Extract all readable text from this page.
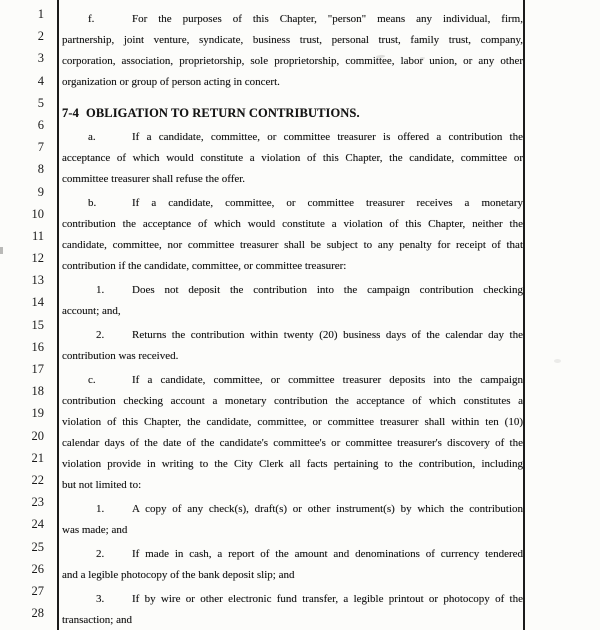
1
2
3
4
5
6
7
8
9
10
11
12
13
14
15
16
17
18
19
20
21
22
23
24
25
26
27
28
f.	For the purposes of this Chapter, "person" means any individual, firm,
partnership, joint venture, syndicate, business trust, personal trust, family trust, company,
corporation, association, proprietorship, sole proprietorship, committee, labor union, or any other
organization or group of person acting in concert.
7-4 OBLIGATION TO RETURN CONTRIBUTIONS.
a.	If a candidate, committee, or committee treasurer is offered a contribution the
acceptance of which would constitute a violation of this Chapter, the candidate, committee or
committee treasurer shall refuse the offer.
b.	If a candidate, committee, or committee treasurer receives a monetary
contribution the acceptance of which would constitute a violation of this Chapter, neither the
candidate, committee, nor committee treasurer shall be subject to any penalty for receipt of that
contribution if the candidate, committee, or committee treasurer:
1.	Does not deposit the contribution into the campaign contribution checking
account; and,
2.	Returns the contribution within twenty (20) business days of the calendar day the
contribution was received.
c.	If a candidate, committee, or committee treasurer deposits into the campaign
contribution checking account a monetary contribution the acceptance of which constitutes a
violation of this Chapter, the candidate, committee, or committee treasurer shall within ten (10)
calendar days of the date of the candidate's committee's or committee treasurer's discovery of the
violation provide in writing to the City Clerk all facts pertaining to the contribution, including
but not limited to:
1.	A copy of any check(s), draft(s) or other instrument(s) by which the contribution
was made; and
2.	If made in cash, a report of the amount and denominations of currency tendered
and a legible photocopy of the bank deposit slip; and
3.	If by wire or other electronic fund transfer, a legible printout or photocopy of the
transaction; and
